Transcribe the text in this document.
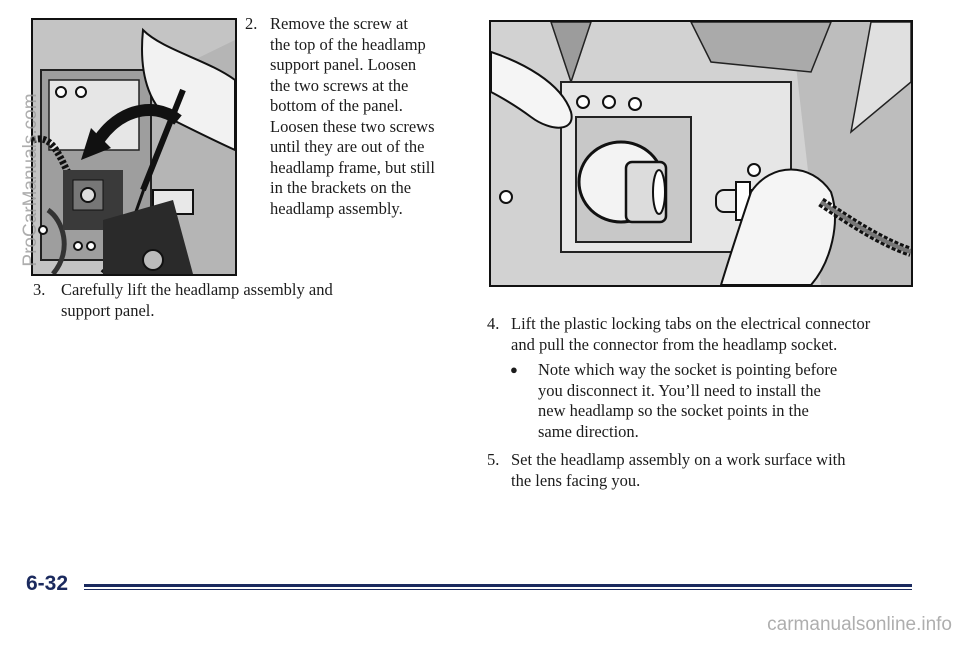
2. Remove the screw at
the top of the headlamp
support panel. Loosen
the two screws at the
bottom of the panel.
Loosen these two screws
until they are out of the
headlamp frame, but still
in the brackets on the
headlamp assembly.
3. Carefully lift the headlamp assembly and
support panel.
4. Lift the plastic locking tabs on the electrical connector
and pull the connector from the headlamp socket.
● Note which way the socket is pointing before
you disconnect it. You’ll need to install the
new headlamp so the socket points in the
same direction.
5. Set the headlamp assembly on a work surface with
the lens facing you.
6-32
ProCarManuals.com
carmanualsonline.info
